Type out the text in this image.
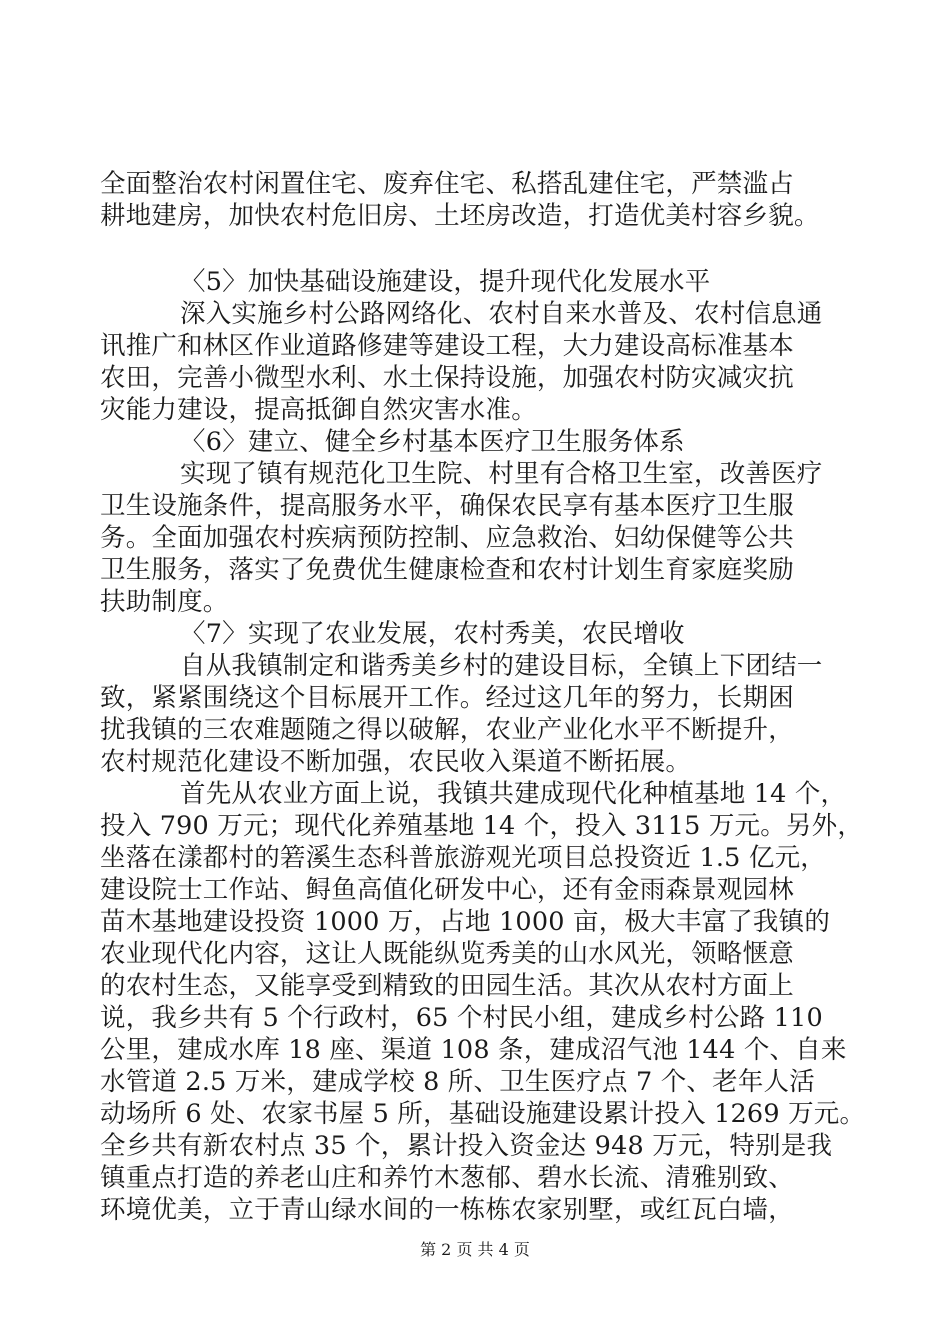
全面整治农村闲置住宅、废弃住宅、私搭乱建住宅，严禁滥占
耕地建房，加快农村危旧房、土坯房改造，打造优美村容乡貌。
〈5〉加快基础设施建设，提升现代化发展水平
深入实施乡村公路网络化、农村自来水普及、农村信息通
讯推广和林区作业道路修建等建设工程，大力建设高标准基本
农田，完善小微型水利、水土保持设施，加强农村防灾减灾抗
灾能力建设，提高抵御自然灾害水准。
〈6〉建立、健全乡村基本医疗卫生服务体系
实现了镇有规范化卫生院、村里有合格卫生室，改善医疗
卫生设施条件，提高服务水平，确保农民享有基本医疗卫生服
务。全面加强农村疾病预防控制、应急救治、妇幼保健等公共
卫生服务，落实了免费优生健康检查和农村计划生育家庭奖励
扶助制度。
〈7〉实现了农业发展，农村秀美，农民增收
自从我镇制定和谐秀美乡村的建设目标，全镇上下团结一
致，紧紧围绕这个目标展开工作。经过这几年的努力，长期困
扰我镇的三农难题随之得以破解，农业产业化水平不断提升，
农村规范化建设不断加强，农民收入渠道不断拓展。
首先从农业方面上说，我镇共建成现代化种植基地 14 个，
投入 790 万元；现代化养殖基地 14 个，投入 3115 万元。另外，
坐落在漾都村的箬溪生态科普旅游观光项目总投资近 1.5 亿元，
建设院士工作站、鲟鱼高值化研发中心，还有金雨森景观园林
苗木基地建设投资 1000 万，占地 1000 亩，极大丰富了我镇的
农业现代化内容，这让人既能纵览秀美的山水风光，领略惬意
的农村生态，又能享受到精致的田园生活。其次从农村方面上
说，我乡共有 5 个行政村，65 个村民小组，建成乡村公路 110
公里，建成水库 18 座、渠道 108 条，建成沼气池 144 个、自来
水管道 2.5 万米，建成学校 8 所、卫生医疗点 7 个、老年人活
动场所 6 处、农家书屋 5 所，基础设施建设累计投入 1269 万元。
全乡共有新农村点 35 个，累计投入资金达 948 万元，特别是我
镇重点打造的养老山庄和养竹木葱郁、碧水长流、清雅别致、
环境优美，立于青山绿水间的一栋栋农家别墅，或红瓦白墙，
第 2 页 共 4 页
